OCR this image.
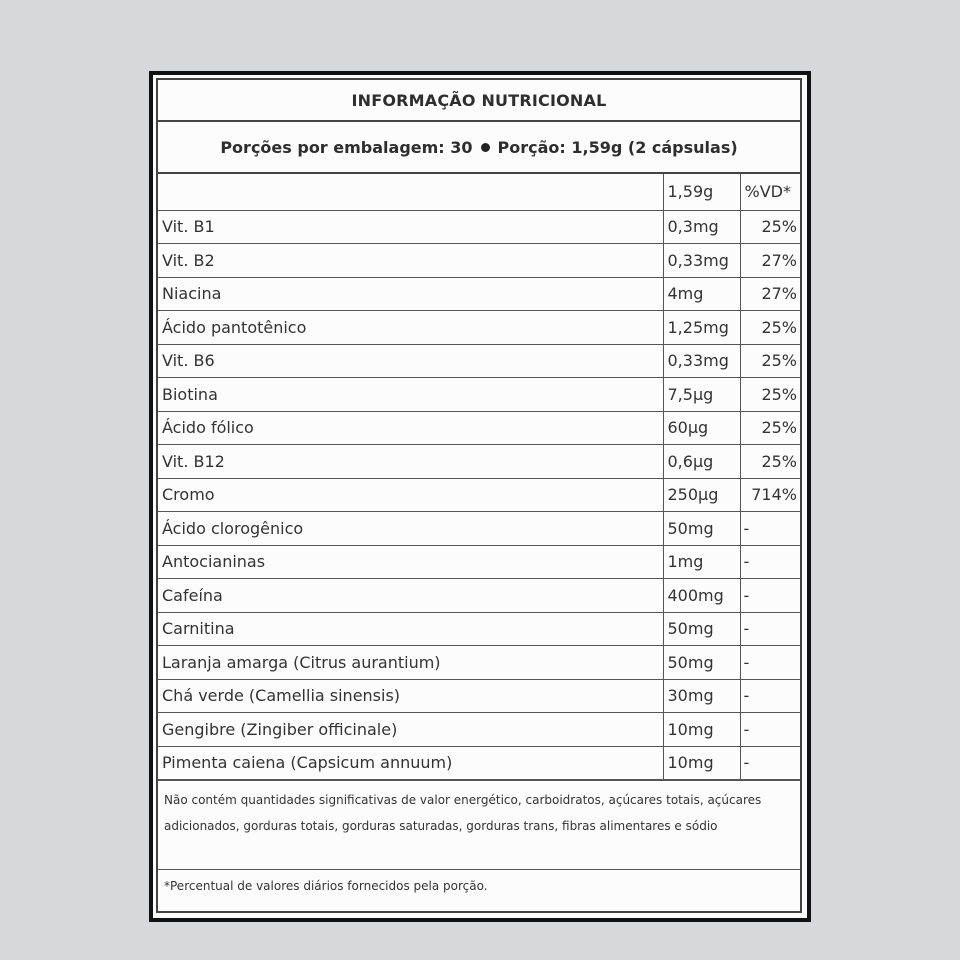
INFORMAÇÃO NUTRICIONAL
Porções por embalagem: 30 Porção: 1,59g (2 cápsulas)
	1,59g	%VD*
Vit. B1	0,3mg	25%
Vit. B2	0,33mg	27%
Niacina	4mg	27%
Ácido pantotênico	1,25mg	25%
Vit. B6	0,33mg	25%
Biotina	7,5µg	25%
Ácido fólico	60µg	25%
Vit. B12	0,6µg	25%
Cromo	250µg	714%
Ácido clorogênico	50mg	-
Antocianinas	1mg	-
Cafeína	400mg	-
Carnitina	50mg	-
Laranja amarga (Citrus aurantium)	50mg	-
Chá verde (Camellia sinensis)	30mg	-
Gengibre (Zingiber officinale)	10mg	-
Pimenta caiena (Capsicum annuum)	10mg	-
Não contém quantidades significativas de valor energético, carboidratos, açúcares totais, açúcares adicionados, gorduras totais, gorduras saturadas, gorduras trans, fibras alimentares e sódio
*Percentual de valores diários fornecidos pela porção.
